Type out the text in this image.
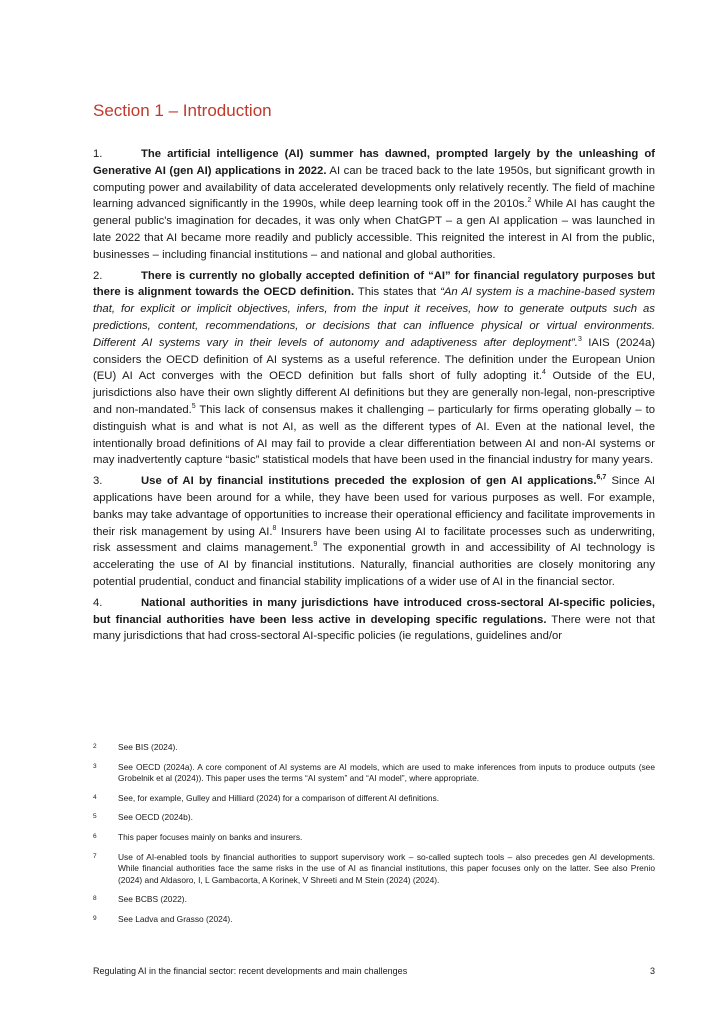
Section 1 – Introduction

1.	The artificial intelligence (AI) summer has dawned, prompted largely by the unleashing of Generative AI (gen AI) applications in 2022. AI can be traced back to the late 1950s, but significant growth in computing power and availability of data accelerated developments only relatively recently. The field of machine learning advanced significantly in the 1990s, while deep learning took off in the 2010s.$^2$ While AI has caught the general public's imagination for decades, it was only when ChatGPT – a gen AI application – was launched in late 2022 that AI became more readily and publicly accessible. This reignited the interest in AI from the public, businesses – including financial institutions – and national and global authorities.

2.	There is currently no globally accepted definition of “AI” for financial regulatory purposes but there is alignment towards the OECD definition. This states that “An AI system is a machine-based system that, for explicit or implicit objectives, infers, from the input it receives, how to generate outputs such as predictions, content, recommendations, or decisions that can influence physical or virtual environments. Different AI systems vary in their levels of autonomy and adaptiveness after deployment”.$^3$ IAIS (2024a) considers the OECD definition of AI systems as a useful reference. The definition under the European Union (EU) AI Act converges with the OECD definition but falls short of fully adopting it.$^4$ Outside of the EU, jurisdictions also have their own slightly different AI definitions but they are generally non-legal, non-prescriptive and non-mandated.$^5$ This lack of consensus makes it challenging – particularly for firms operating globally – to distinguish what is and what is not AI, as well as the different types of AI. Even at the national level, the intentionally broad definitions of AI may fail to provide a clear differentiation between AI and non-AI systems or may inadvertently capture “basic” statistical models that have been used in the financial industry for many years.

3.	Use of AI by financial institutions preceded the explosion of gen AI applications.$^{6,7}$ Since AI applications have been around for a while, they have been used for various purposes as well. For example, banks may take advantage of opportunities to increase their operational efficiency and facilitate improvements in their risk management by using AI.$^8$ Insurers have been using AI to facilitate processes such as underwriting, risk assessment and claims management.$^9$ The exponential growth in and accessibility of AI technology is accelerating the use of AI by financial institutions. Naturally, financial authorities are closely monitoring any potential prudential, conduct and financial stability implications of a wider use of AI in the financial sector.

4.	National authorities in many jurisdictions have introduced cross-sectoral AI-specific policies, but financial authorities have been less active in developing specific regulations. There were not that many jurisdictions that had cross-sectoral AI-specific policies (ie regulations, guidelines and/or

2	See BIS (2024).
3	See OECD (2024a). A core component of AI systems are AI models, which are used to make inferences from inputs to produce outputs (see Grobelnik et al (2024)). This paper uses the terms “AI system” and “AI model”, where appropriate.
4	See, for example, Gulley and Hilliard (2024) for a comparison of different AI definitions.
5	See OECD (2024b).
6	This paper focuses mainly on banks and insurers.
7	Use of AI-enabled tools by financial authorities to support supervisory work – so-called suptech tools – also precedes gen AI developments. While financial authorities face the same risks in the use of AI as financial institutions, this paper focuses only on the latter. See also Prenio (2024) and Aldasoro, I, L Gambacorta, A Korinek, V Shreeti and M Stein (2024) (2024).
8	See BCBS (2022).
9	See Ladva and Grasso (2024).
Regulating AI in the financial sector: recent developments and main challenges	3
